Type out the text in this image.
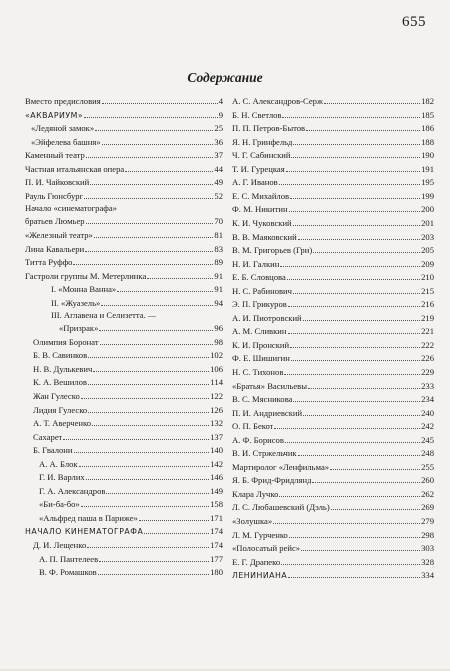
655
Содержание
Вместо предисловия	4
«АКВАРИУМ»	9
«Ледяной замок»	25
«Эйфелева башня»	36
Каменный театр	37
Частная итальянская опера	44
П. И. Чайковский	49
Рауль Гюнсбург	52
Начало «синематографа»
братьев Люмьер	70
«Железный театр»	81
Лина Кавальери	83
Титта Руффо	89
Гастроли группы М. Метерлинка	91
I. «Монна Ванна»	91
II. «Жуазель»	94
III. Аглавена и Селизетта. —
«Призрак»	96
Олимпия Боронат	98
Б. В. Савинков	102
Н. В. Дулькевич	106
К. А. Вешилов	114
Жан Гулеско	122
Лидия Гулеско	126
А. Т. Аверченко	132
Сахарет	137
Б. Гвалони	140
А. А. Блок	142
Г. И. Варлих	146
Г. А. Александров	149
«Би-ба-бо»	158
«Альфред паша в Париже»	171
НАЧАЛО КИНЕМАТОГРАФА	174
Д. И. Лещенко	174
А. П. Пантелеев	177
В. Ф. Ромашков	180
А. С. Александров-Серж	182
Б. Н. Светлов	185
П. П. Петров-Бытов	186
Я. Н. Гринфельд	188
Ч. Г. Сабинский	190
Т. И. Гурецкая	191
А. Г. Иванов	195
Е. С. Михайлов	199
Ф. М. Никитин	200
К. И. Чуковский	201
В. В. Маяковский	203
В. М. Григорьев (Гри)	205
Н. И. Галкин	209
Е. Б. Словцова	210
Н. С. Рабинович	215
Э. П. Грикуров	216
А. И. Пиотровский	219
А. М. Сливкин	221
К. И. Пронский	222
Ф. Е. Шишигин	226
Н. С. Тихонов	229
«Братья» Васильевы	233
В. С. Мясникова	234
П. И. Андриевский	240
О. П. Бекот	242
А. Ф. Борисов	245
В. И. Стржельчик	248
Мартиролог «Ленфильма»	255
Я. Б. Фрид-Фридлянд	260
Клара Лучко	262
Л. С. Любашевский (Дэль)	269
«Золушка»	279
Л. М. Гурченко	298
«Полосатый рейс»	303
Е. Г. Драпеко	328
ЛЕНИНИАНА	334
